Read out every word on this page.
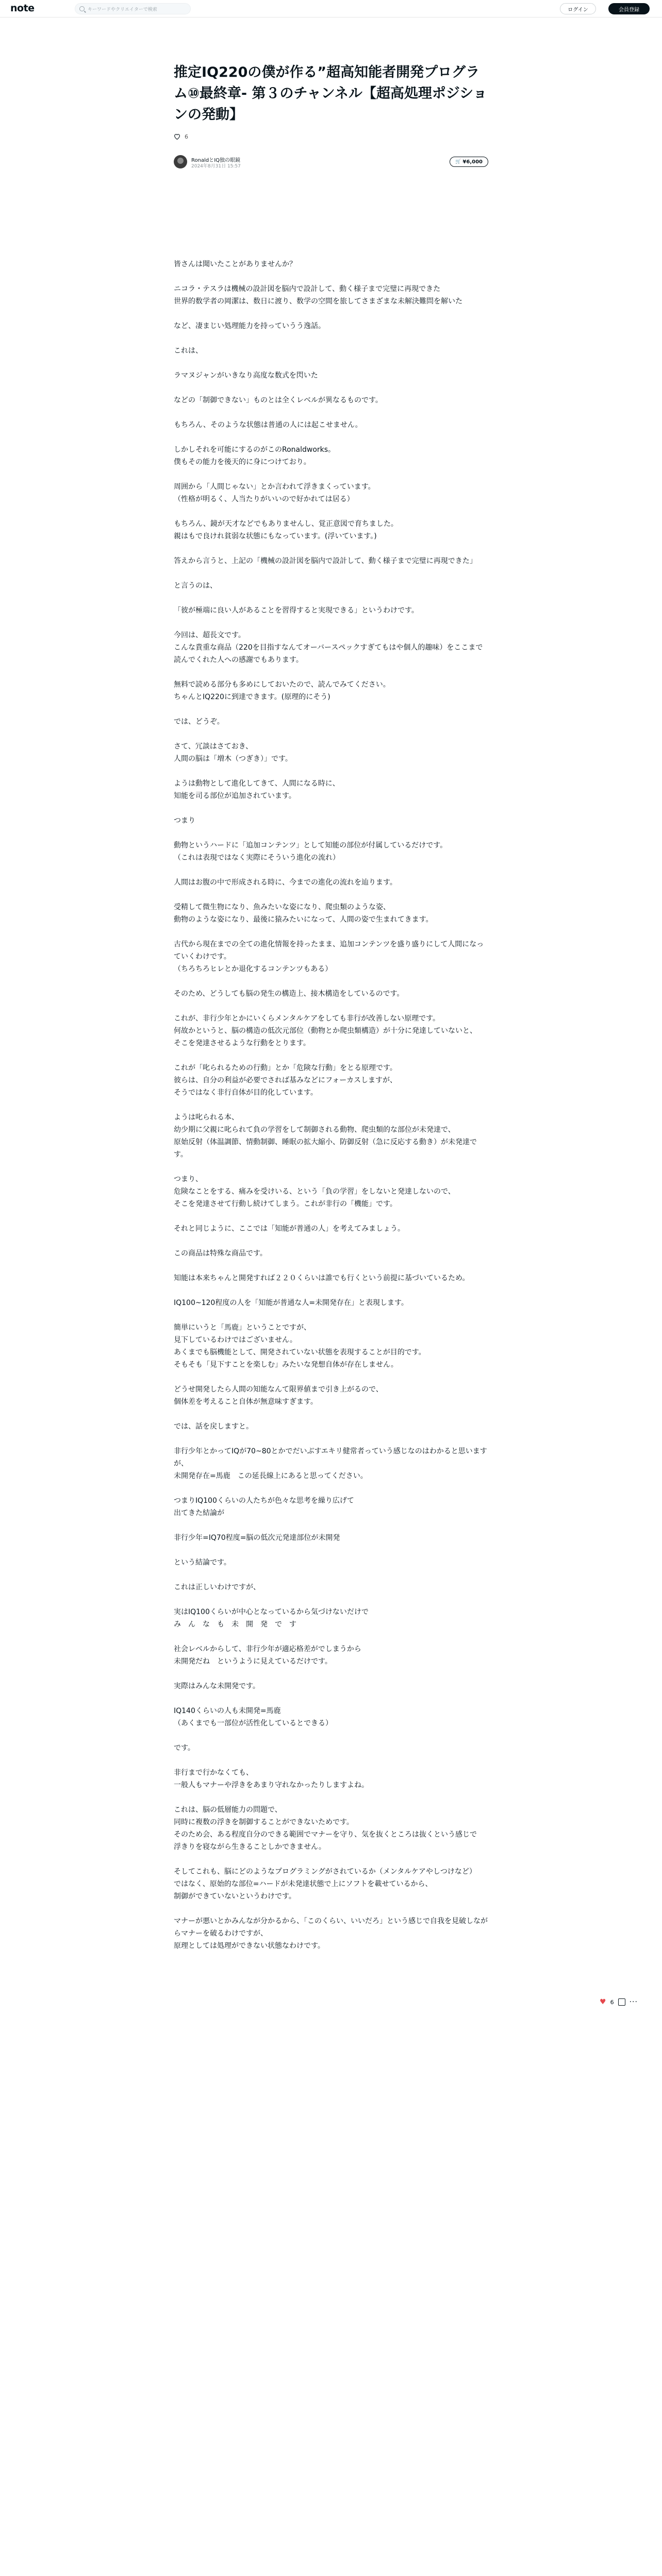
note	キーワードやクリエイターで検索	ログイン	会員登録
推定IQ220の僕が作る”超高知能者開発プログラム⑩最終章- 第３のチャンネル【超高処理ポジションの発動】
6
RonaldとIQ独の眼鏡
2024年8月31日 15:57
🛒 ¥6,000

皆さんは聞いたことがありませんか？

ニコラ・テスラは機械の設計図を脳内で設計して、動く様子まで完璧に再現できた
世界的数学者の岡潔は、数日に渡り、数学の空間を旅してさまざまな未解決難問を解いた

など、凄まじい処理能力を持っていうう逸話。

これは、

ラマヌジャンがいきなり高度な数式を閃いた

などの「制御できない」ものとは全くレベルが異なるものです。

もちろん、そのような状態は普通の人には起こせません。

しかしそれを可能にするのがこのRonaldworks。
僕もその能力を後天的に身につけており。

周囲から「人間じゃない」とか言われて浮きまくっています。
（性格が明るく、人当たりがいいので好かれては居る）

もちろん、鏡が天才などでもありませんし、覚正意図で育ちました。
親はもで良けれ貧弱な状態にもなっています。(浮いています。)

答えから言うと、上記の「機械の設計図を脳内で設計して、動く様子まで完璧に再現できた」

と言うのは、

「彼が極端に良い人があることを習得すると実現できる」というわけです。

今回は、超長文です。
こんな貴重な商品（220を目指すなんてオーバースペックすぎてもはや個人的趣味）をここまで読んでくれた人への感謝でもあります。

無料で読める部分も多めにしておいたので、読んでみてください。
ちゃんとIQ220に到達できます。(原理的にそう)

では、どうぞ。

さて、冗談はさておき、
人間の脳は「増木（つぎき）」です。

ようは動物として進化してきて、人間になる時に、
知能を司る部位が追加されています。

つまり

動物というハードに「追加コンテンツ」として知能の部位が付属しているだけです。
（これは表現ではなく実際にそういう進化の流れ）

人間はお腹の中で形成される時に、今までの進化の流れを辿ります。

受精して微生物になり、魚みたいな姿になり、爬虫類のような姿、
動物のような姿になり、最後に猿みたいになって、人間の姿で生まれてきます。

古代から現在までの全ての進化情報を持ったまま、追加コンテンツを盛り盛りにして人間になっていくわけです。
（ちろちろヒレとか退化するコンテンツもある）

そのため、どうしても脳の発生の構造上、接木構造をしているのです。

これが、非行少年とかにいくらメンタルケアをしても非行が改善しない原理です。
何故かというと、脳の構造の低次元部位（動物とか爬虫類構造）が十分に発達していないと、
そこを発達させるような行動をとります。

これが「叱られるための行動」とか「危険な行動」をとる原理です。
彼らは、自分の利益が必要でされば基みなどにフォーカスしますが、
そうではなく非行自体が目的化しています。

ようは叱られる本、
幼少期に父親に叱られて負の学習をして制御される動物、爬虫類的な部位が未発達で、
原始反射（体温調節、情動制御、睡眠の拡大縮小、防御反射（急に反応する動き）が未発達です。

つまり、
危険なことをする、痛みを受けいる、という「負の学習」をしないと発達しないので、
そこを発達させて行動し続けてしまう。これが非行の「機能」です。

それと同じように、ここでは「知能が普通の人」を考えてみましょう。

この商品は特殊な商品です。

知能は本来ちゃんと開発すれば２２０くらいは誰でも行くという前提に基づいているため。

IQ100~120程度の人を「知能が普通な人=未開発存在」と表現します。

簡単にいうと「馬鹿」ということですが、
見下しているわけではございません。
あくまでも脳機能として、開発されていない状態を表現することが目的です。
そもそも「見下すことを楽しむ」みたいな発想自体が存在しません。

どうせ開発したら人間の知能なんて限界値まで引き上がるので、
個体差を考えること自体が無意味すぎます。

では、話を戻しますと。

非行少年とかってIQが70~80とかでだいぶすエキリ健常者っていう感じなのはわかると思いますが、
未開発存在=馬鹿　この延長線上にあると思ってください。

つまりIQ100くらいの人たちが色々な思考を繰り広げて
出てきた結論が

非行少年=IQ70程度=脳の低次元発達部位が未開発

という結論です。

これは正しいわけですが、

実はIQ100くらいが中心となっているから気づけないだけで
み　ん　な　も　未　開　発　で　す

社会レベルからして、非行少年が適応格差がでしまうから
未開発だね　というように見えているだけです。

実際はみんな未開発です。

IQ140くらいの人も未開発=馬鹿
（あくまでも一部位が活性化しているとできる）

です。

非行まで行かなくても、
一般人もマナーや浮きをあまり守れなかったりしますよね。

これは、脳の低層能力の問題で、
同時に複数の浮きを制御することができないためです。
そのため会、ある程度自分のできる範囲でマナーを守り、気を抜くところは抜くという感じで
浮きりを寝ながら生きることしかできません。

そしてこれも、脳にどのようなプログラミングがされているか（メンタルケアやしつけなど）
ではなく、原始的な部位=ハードが未発達状態で上にソフトを載せているから、
制御ができていないというわけです。

マナーが悪いとかみんなが分かるから、「このくらい、いいだろ」という感じで自我を見破しながらマナーを破るわけですが、
原理としては処理ができない状態なわけです。

♥ 6 ···
